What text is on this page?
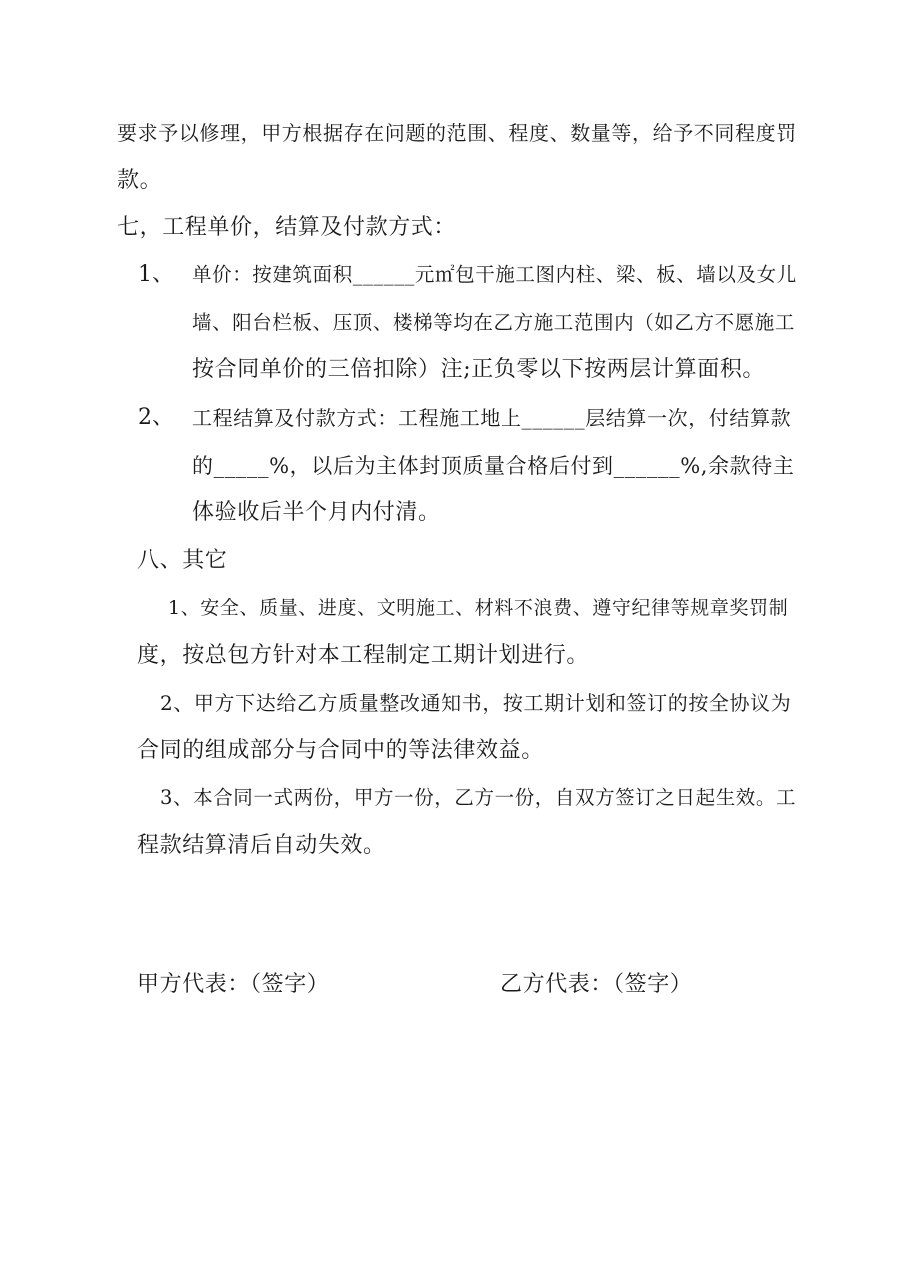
要求予以修理，甲方根据存在问题的范围、程度、数量等，给予不同程度罚
款。
七，工程单价，结算及付款方式：
1、 单价：按建筑面积______元㎡包干施工图内柱、梁、板、墙以及女儿
墙、阳台栏板、压顶、楼梯等均在乙方施工范围内（如乙方不愿施工
按合同单价的三倍扣除）注;正负零以下按两层计算面积。
2、 工程结算及付款方式：工程施工地上______层结算一次，付结算款
的_____%，以后为主体封顶质量合格后付到______%,余款待主
体验收后半个月内付清。
八、其它
1、安全、质量、进度、文明施工、材料不浪费、遵守纪律等规章奖罚制
度，按总包方针对本工程制定工期计划进行。
2、甲方下达给乙方质量整改通知书，按工期计划和签订的按全协议为
合同的组成部分与合同中的等法律效益。
3、本合同一式两份，甲方一份，乙方一份，自双方签订之日起生效。工
程款结算清后自动失效。
甲方代表：（签字）	乙方代表：（签字）
